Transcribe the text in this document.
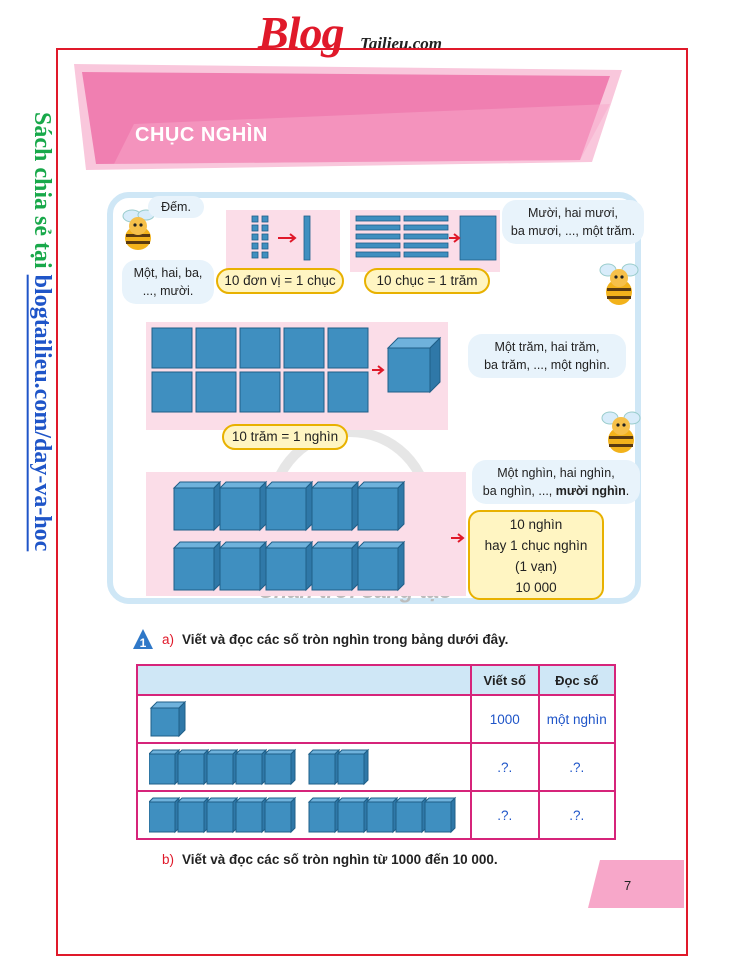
Blog Tailieu.com
Sách chia sẻ tại blogtailieu.com/day-va-hoc
CHỤC NGHÌN
Đếm.
Một, hai, ba,
..., mười.
Mười, hai mươi,
ba mươi, ..., một trăm.
Một trăm, hai trăm,
ba trăm, ..., một nghìn.
Một nghìn, hai nghìn,
ba nghìn, ..., mười nghìn.
10 đơn vị = 1 chục	10 chục = 1 trăm
10 trăm = 1 nghìn
10 nghìn
hay 1 chục nghìn
(1 vạn)
10 000
1 a) Viết và đọc các số tròn nghìn trong bảng dưới đây.
	Viết số	Đọc số

	1000	một nghìn

	.?.	.?.

	.?.	.?.
b) Viết và đọc các số tròn nghìn từ 1000 đến 10 000.
7
